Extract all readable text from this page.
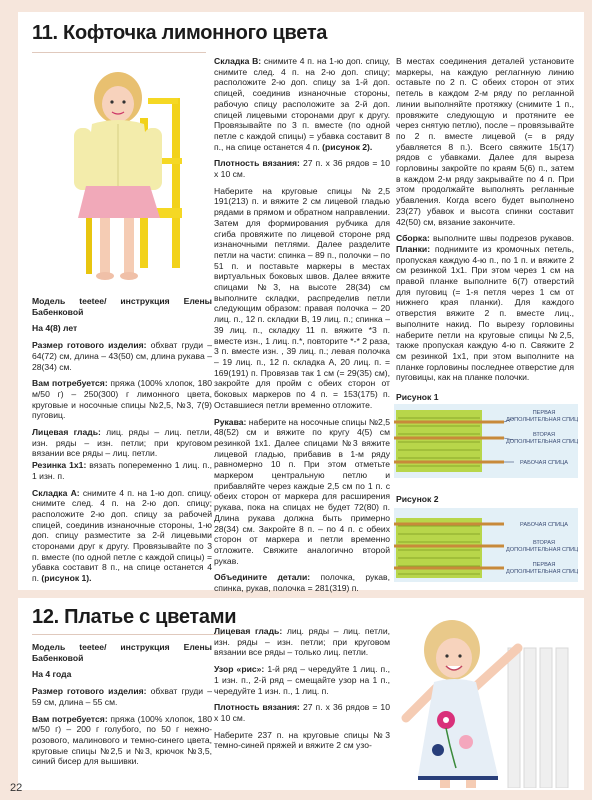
11. Кофточка лимонного цвета

Модель teetee/ инструкция Елены Бабенковой

На 4(8) лет

Размер готового изделия: обхват груди – 64(72) см, длина – 43(50) см, длина рукава – 28(34) см.

Вам потребуется: пряжа (100% хлопок, 180 м/50 г) – 250(300) г лимонного цвета, круговые и носочные спицы №2,5, №3, 7(9) пуговиц.

Лицевая гладь: лиц. ряды – лиц. петли, изн. ряды – изн. петли; при круговом вязании все ряды – лиц. петли.

Резинка 1х1: вязать попеременно 1 лиц. п., 1 изн. п.

Складка А: снимите 4 п. на 1-ю доп. спицу, снимите след. 4 п. на 2-ю доп. спицу; расположите 2-ю доп. спицу за рабочей спицей, соединив изнаночные стороны, 1-ю доп. спицу разместите за 2-й лицевыми сторонами друг к другу. Провязывайте по 3 п. вместе (по одной петле с каждой спицы) = убавка составит 8 п., на спице останется 4 п. (рисунок 1).

Складка В: снимите 4 п. на 1-ю доп. спицу, снимите след. 4 п. на 2-ю доп. спицу; расположите 2-ю доп. спицу за 1-й доп. спицей, соединив изнаночные стороны, рабочую спицу расположите за 2-й доп. спицей лицевыми сторонами друг к другу. Провязывайте по 3 п. вместе (по одной петле с каждой спицы) = убавка составит 8 п., на спице останется 4 п. (рисунок 2).

Плотность вязания: 27 п. х 36 рядов = 10 х 10 см.

Наберите на круговые спицы №2,5 191(213) п. и вяжите 2 см лицевой гладью рядами в прямом и обратном направлении. Затем для формирования рубчика для сгиба провяжите по лицевой стороне ряд изнаночными петлями. Далее разделите петли на части: спинка – 89 п., полочки – по 51 п. и поставьте маркеры в местах виртуальных боковых швов. Далее вяжите спицами №3, на высоте 28(34) см выполните складки, распределив петли следующим образом: правая полочка – 20 лиц. п., 12 п. складки В, 19 лиц. п.; спинка – 39 лиц. п., складку 11 п. вяжите *3 п. вместе изн., 1 лиц. п.*, повторите *-* 2 раза, 3 п. вместе изн. , 39 лиц. п.; левая полочка – 19 лиц. п., 12 п. складка А, 20 лиц. п. = 169(191) п. Провязав так 1 см (= 29(35) см), закройте для пройм с обеих сторон от боковых маркеров по 4 п. = 153(175) п. Оставшиеся петли временно отложите.

Рукава: наберите на носочные спицы №2,5 48(52) см и вяжите по кругу 4(5) см резинкой 1х1. Далее спицами №3 вяжите лицевой гладью, прибавив в 1-м ряду равномерно 10 п. При этом отметьте маркером центральную петлю и прибавляйте через каждые 2,5 см по 1 п. с обеих сторон от маркера для расширения рукава, пока на спицах не будет 72(80) п. Длина рукава должна быть примерно 28(34) см. Закройте 8 п. – по 4 п. с обеих сторон от маркера и петли временно отложите. Свяжите аналогично второй рукав.

Объедините детали: полочка, рукав, спинка, рукав, полочка = 281(319) п.

В местах соединения деталей установите маркеры, на каждую реглагнную линию оставьте по 2 п. С обеих сторон от этих петель в каждом 2-м ряду по регланной линии выполняйте протяжку (снимите 1 п., провяжите следующую и протяните ее через снятую петлю), после – провязывайте по 2 п. вместе лицевой (= в ряду убавляется 8 п.). Всего свяжите 15(17) рядов с убавками. Далее для выреза горловины закройте по краям 5(6) п., затем в каждом 2-м ряду закрывайте по 4 п. При этом продолжайте выполнять регланные убавления. Когда всего будет выполнено 23(27) убавок и высота спинки составит 42(50) см, вязание закончите.

Сборка: выполните швы подрезов рукавов. Планки: поднимите из кромочных петель, пропуская каждую 4-ю п., по 1 п. и вяжите 2 см резинкой 1х1. При этом через 1 см на правой планке выполните 6(7) отверстий для пуговиц (= 1-я петля через 1 см от нижнего края планки). Для каждого отверстия вяжите 2 п. вместе лиц., выполните накид. По вырезу горловины наберите петли на круговые спицы №2,5, также пропуская каждую 4-ю п. Свяжите 2 см резинкой 1х1, при этом выполните на планке горловины последнее отверстие для пуговицы, как на планке полочки.

Рисунок 1
ПЕРВАЯ
ДОПОЛНИТЕЛЬНАЯ СПИЦА
ВТОРАЯ
ДОПОЛНИТЕЛЬНАЯ СПИЦА
РАБОЧАЯ СПИЦА
Рисунок 2
РАБОЧАЯ СПИЦА
ВТОРАЯ
ДОПОЛНИТЕЛЬНАЯ СПИЦА
ПЕРВАЯ
ДОПОЛНИТЕЛЬНАЯ СПИЦА
12. Платье с цветами

Модель teetee/ инструкция Елены Бабенковой

На 4 года

Размер готового изделия: обхват груди – 59 см, длина – 55 см.

Вам потребуется: пряжа (100% хлопок, 180 м/50 г) – 200 г голубого, по 50 г нежно-розового, малинового и темно-синего цвета, круговые спицы №2,5 и №3, крючок №3,5, синий бисер для вышивки.

Лицевая гладь: лиц. ряды – лиц. петли, изн. ряды – изн. петли; при круговом вязании все ряды – только лиц. петли.

Узор «рис»: 1-й ряд – чередуйте 1 лиц. п., 1 изн. п., 2-й ряд – смещайте узор на 1 п., чередуйте 1 изн. п., 1 лиц. п.

Плотность вязания: 27 п. х 36 рядов = 10 х 10 см.

Наберите 237 п. на круговые спицы №3 темно-синей пряжей и вяжите 2 см узо-

22
